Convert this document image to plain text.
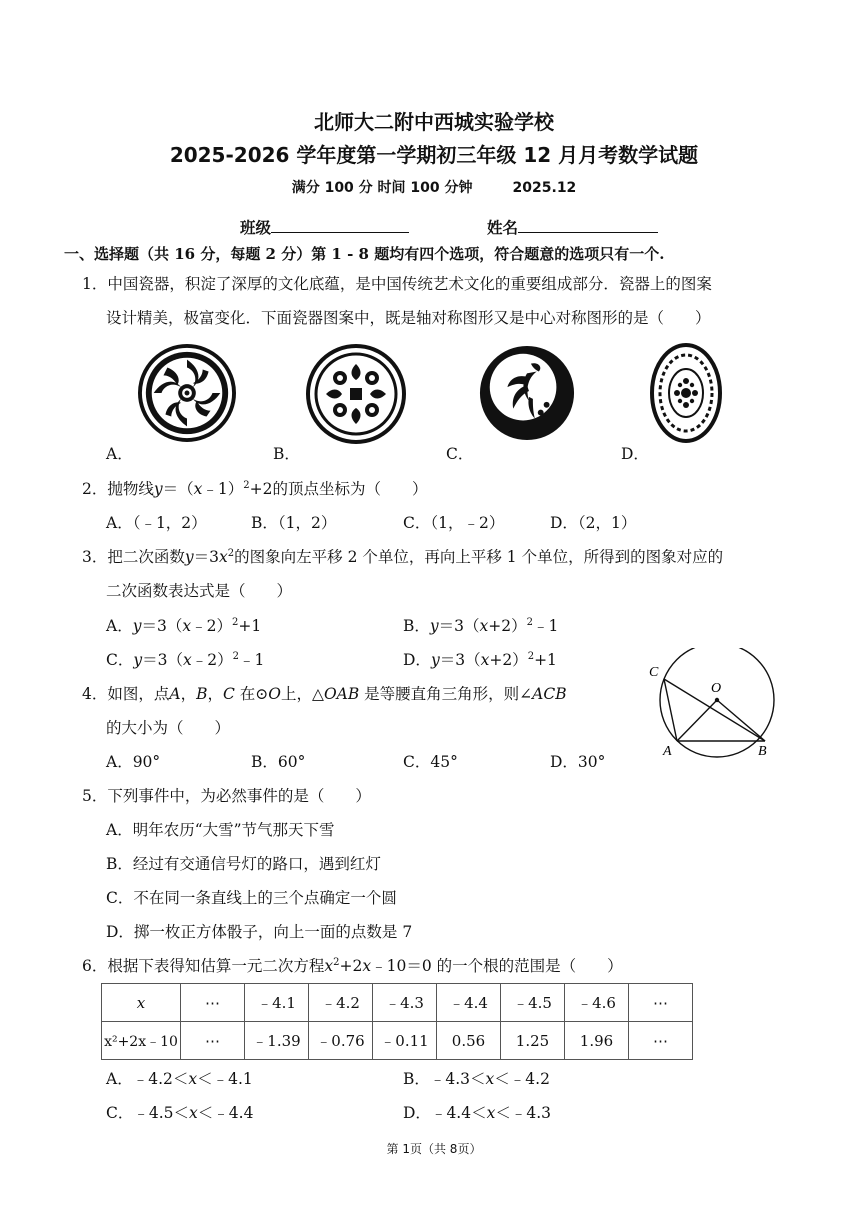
北师大二附中西城实验学校
2025-2026 学年度第一学期初三年级 12 月月考数学试题
满分 100 分 时间 100 分钟	2025.12
班级	姓名
一、选择题（共 16 分，每题 2 分）第 1 - 8 题均有四个选项，符合题意的选项只有一个.
1．中国瓷器，积淀了深厚的文化底蕴，是中国传统艺术文化的重要组成部分．瓷器上的图案
设计精美，极富变化．下面瓷器图案中，既是轴对称图形又是中心对称图形的是（　　）
A．	B．	C．	D．
2．抛物线y＝（x﹣1）$^2$+2的顶点坐标为（　　）
A．（﹣1，2）	B．（1，2）	C．（1，﹣2）	D．（2，1）
3．把二次函数$y=3x^2$的图象向左平移 2 个单位，再向上平移 1 个单位，所得到的图象对应的
二次函数表达式是（　　）
A．y＝3（x﹣2）$^2$+1	B．$y=3(x+2)^2﹣1$
C．y＝3（x﹣2）$^2$﹣1	D．$y=3(x+2)^2+1$
4．如图，点A，B，C 在⊙O上，△OAB 是等腰直角三角形，则∠ACB
的大小为（　　）
A．90°	B．60°	C．45°	D．30°
C
O
A	B
5．下列事件中，为必然事件的是（　　）
A．明年农历“大雪”节气那天下雪
B．经过有交通信号灯的路口，遇到红灯
C．不在同一条直线上的三个点确定一个圆
D．掷一枚正方体骰子，向上一面的点数是 7
6．根据下表得知估算一元二次方程$x^2+2x﹣10=0$ 的一个根的范围是（　　）
x	⋯	﹣4.1	﹣4.2	﹣4.3	﹣4.4	﹣4.5	﹣4.6	⋯
x²+2x﹣10	⋯	﹣1.39	﹣0.76	﹣0.11	0.56	1.25	1.96	⋯
A．﹣4.2＜x＜﹣4.1	B．﹣4.3＜x＜﹣4.2
C．﹣4.5＜x＜﹣4.4	D．﹣4.4＜x＜﹣4.3
第 1页（共 8页）
